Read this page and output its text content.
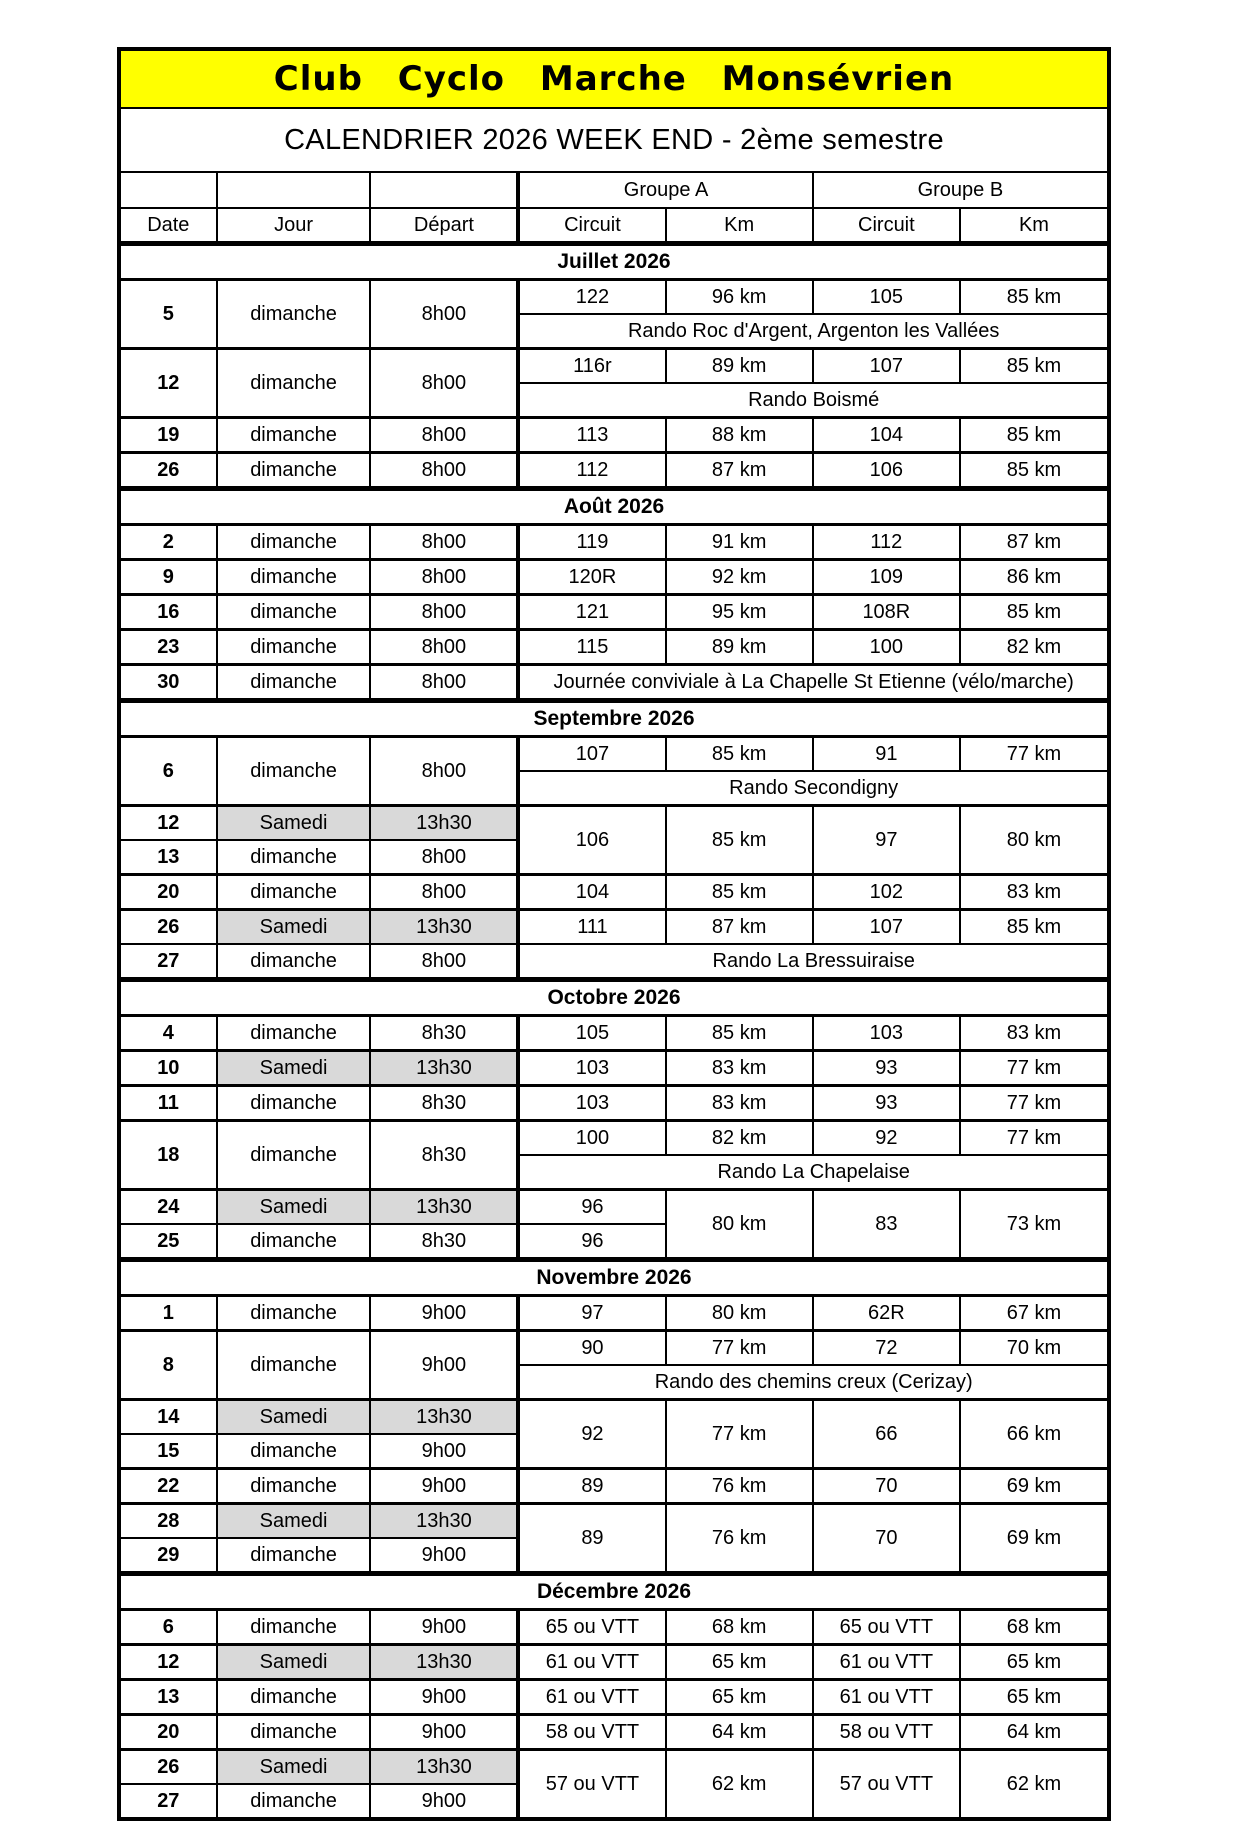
Club Cyclo Marche Monsévrien
CALENDRIER 2026 WEEK END - 2ème semestre
			Groupe A		Groupe B	
Date	Jour	Départ	Circuit	Km	Circuit	Km
Juillet 2026						
5	dimanche	8h00	122	96 km	105	85 km
			Rando Roc d'Argent, Argenton les Vallées			
12	dimanche	8h00	116r	89 km	107	85 km
			Rando Boismé			
19	dimanche	8h00	113	88 km	104	85 km
26	dimanche	8h00	112	87 km	106	85 km
Août 2026						
2	dimanche	8h00	119	91 km	112	87 km
9	dimanche	8h00	120R	92 km	109	86 km
16	dimanche	8h00	121	95 km	108R	85 km
23	dimanche	8h00	115	89 km	100	82 km
30	dimanche	8h00	Journée conviviale à La Chapelle St Etienne (vélo/marche)			
Septembre 2026						
6	dimanche	8h00	107	85 km	91	77 km
			Rando Secondigny			
12	Samedi	13h30	106	85 km	97	80 km
13	dimanche	8h00				
20	dimanche	8h00	104	85 km	102	83 km
26	Samedi	13h30	111	87 km	107	85 km
27	dimanche	8h00				
			Rando La Bressuiraise			
Octobre 2026						
4	dimanche	8h30	105	85 km	103	83 km
10	Samedi	13h30	103	83 km	93	77 km
11	dimanche	8h30	103	83 km	93	77 km
18	dimanche	8h30	100	82 km	92	77 km
			Rando La Chapelaise			
24	Samedi	13h30	96	80 km	83	73 km
25	dimanche	8h30	96			
Novembre 2026						
1	dimanche	9h00	97	80 km	62R	67 km
8	dimanche	9h00	90	77 km	72	70 km
			Rando des chemins creux (Cerizay)			
14	Samedi	13h30	92	77 km	66	66 km
15	dimanche	9h00				
22	dimanche	9h00	89	76 km	70	69 km
28	Samedi	13h30	89	76 km	70	69 km
29	dimanche	9h00				
Décembre 2026						
6	dimanche	9h00	65 ou VTT	68 km	65 ou VTT	68 km
12	Samedi	13h30	61 ou VTT	65 km	61 ou VTT	65 km
13	dimanche	9h00	61 ou VTT	65 km	61 ou VTT	65 km
20	dimanche	9h00	58 ou VTT	64 km	58 ou VTT	64 km
26	Samedi	13h30	57 ou VTT	62 km	57 ou VTT	62 km
27	dimanche	9h00				
